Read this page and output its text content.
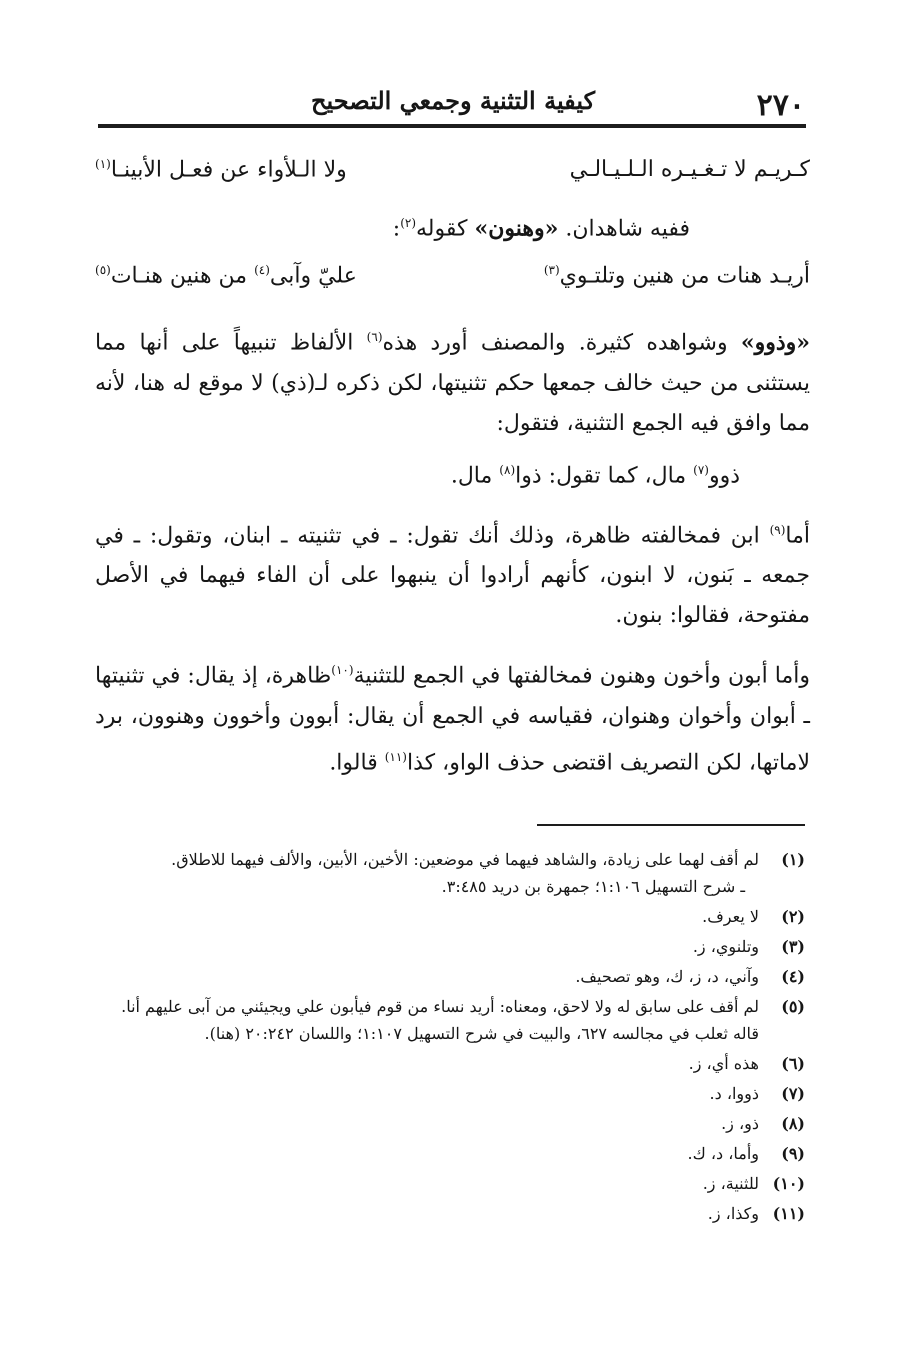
٢٧٠
كيفية التثنية وجمعي التصحيح
كـريـم لا تـغـيـره الـلـيـالـي
ولا الـلأواء عن فعـل الأبينـا$^{(١)}$

ففيه شاهدان. «وهنون» كقوله$^{(٢)}$:

أريـد هنات من هنين وتلتـوي$^{(٣)}$
عليّ وآبى$^{(٤)}$ من هنين هنـات$^{(٥)}$

«وذوو» وشواهده كثيرة. والمصنف أورد هذه$^{(٦)}$ الألفاظ تنبيهاً على أنها مما يستثنى من حيث خالف جمعها حكم تثنيتها، لكن ذكره لـ(ذي) لا موقع له هنا، لأنه مما وافق فيه الجمع التثنية، فتقول:

ذوو$^{(٧)}$ مال، كما تقول: ذوا$^{(٨)}$ مال.

أما$^{(٩)}$ ابن فمخالفته ظاهرة، وذلك أنك تقول: ـ في تثنيته ـ ابنان، وتقول: ـ في جمعه ـ بَنون، لا ابنون، كأنهم أرادوا أن ينبهوا على أن الفاء فيهما في الأصل مفتوحة، فقالوا: بنون.

وأما أبون وأخون وهنون فمخالفتها في الجمع للتثنية$^{(١٠)}$ظاهرة، إذ يقال: في تثنيتها ـ أبوان وأخوان وهنوان، فقياسه في الجمع أن يقال: أبوون وأخوون وهنوون، برد لاماتها، لكن التصريف اقتضى حذف الواو، كذا$^{(١١)}$ قالوا.

(١)
لم أقف لهما على زيادة، والشاهد فيهما في موضعين: الأخين، الأبين، والألف فيهما للاطلاق.
ـ شرح التسهيل ١:١٠٦؛ جمهرة بن دريد ٣:٤٨٥.
(٢)
لا يعرف.
(٣)
وتلنوي، ز.
(٤)
وآني، د، ز، ك، وهو تصحيف.
(٥)
لم أقف على سابق له ولا لاحق، ومعناه: أريد نساء من قوم فيأبون علي ويجيئني من آبى عليهم أنا. قاله ثعلب في مجالسه ٦٢٧، والبيت في شرح التسهيل ١:١٠٧؛ واللسان ٢٠:٢٤٢ (هنا).
(٦)
هذه أي، ز.
(٧)
ذووا، د.
(٨)
ذو، ز.
(٩)
وأما، د، ك.
(١٠)
للثنية، ز.
(١١)
وكذا، ز.
